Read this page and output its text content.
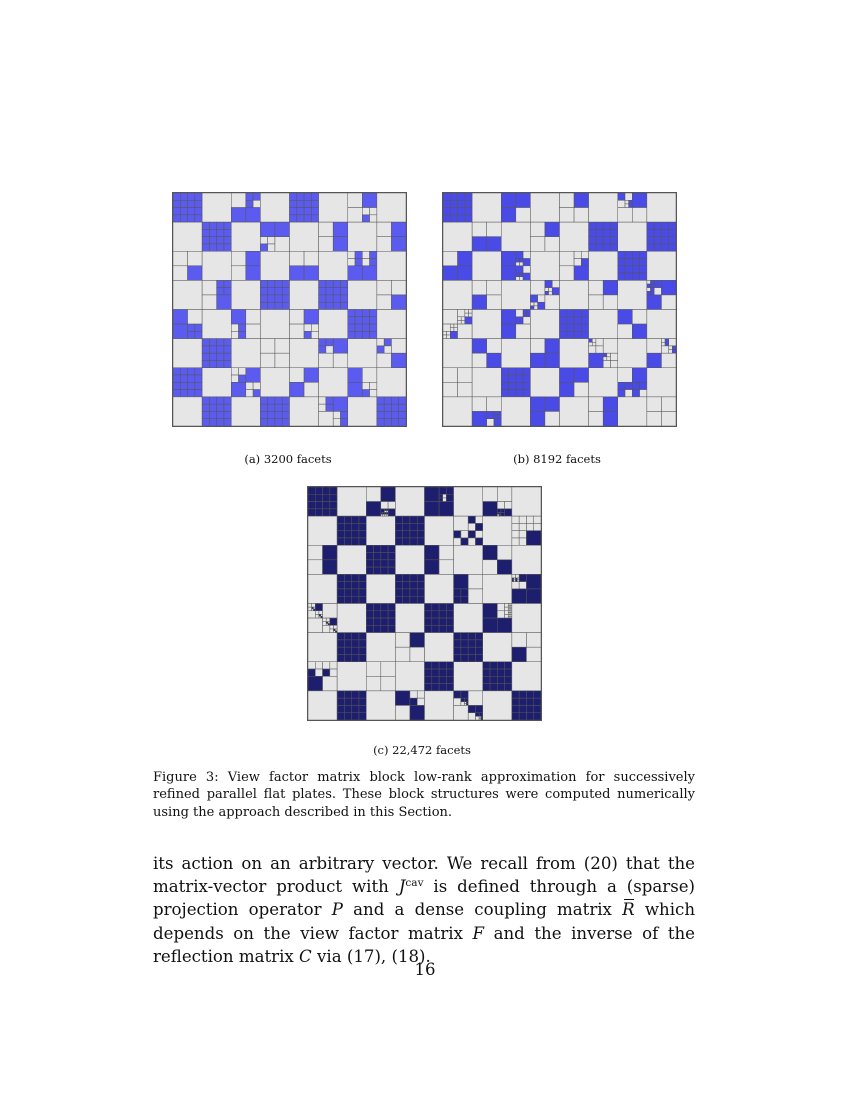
(a) 3200 facets	(b) 8192 facets
(c) 22,472 facets
Figure 3: View factor matrix block low-rank approximation for successively refined parallel flat plates. These block structures were computed numerically using the approach described in this Section.
its action on an arbitrary vector. We recall from (20) that the matrix-vector product with $J^{cav}$ is defined through a (sparse) projection operator P and a dense coupling matrix R which depends on the view factor matrix F and the inverse of the reflection matrix C via (17), (18).
16
